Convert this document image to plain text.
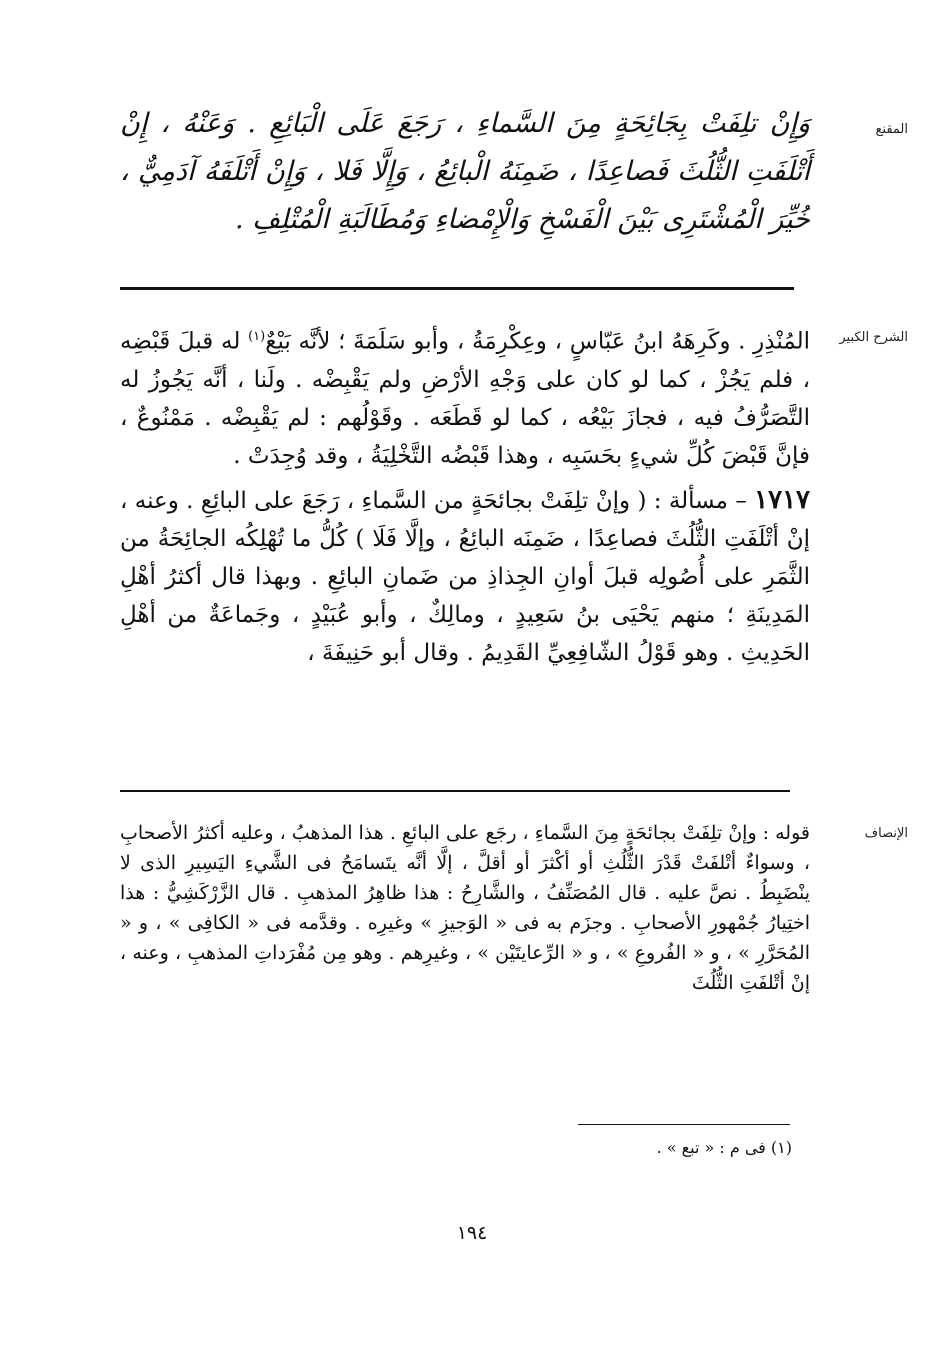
المقنع

وَإِنْ تلِفَتْ بِجَائِحَةٍ مِنَ السَّماءِ ، رَجَعَ عَلَى الْبَائِعِ . وَعَنْهُ ، إِنْ أَتْلَفَتِ الثُّلُثَ فَصاعِدًا ، ضَمِنَهُ الْبائِعُ ، وَإِلَّا فَلا ، وَإِنْ أَتْلَفَهُ آدَمِيٌّ ، خُيِّرَ الْمُشْتَرِى بَيْنَ الْفَسْخِ وَالْإِمْضاءِ وَمُطَالَبَةِ الْمُتْلِفِ .

الشرح الكبير

المُنْذِرِ . وكَرِهَهُ ابنُ عَبّاسٍ ، وعِكْرِمَةُ ، وأبو سَلَمَةَ ؛ لأنَّه بَيْعٌ$^{(١)}$ له قبلَ قَبْضِه ، فلم يَجُزْ ، كما لو كان على وَجْهِ الأرْضِ ولم يَقْبِضْه . ولَنا ، أنَّه يَجُوزُ له التَّصَرُّفُ فيه ، فجازَ بَيْعُه ، كما لو قَطَعَه . وقَوْلُهم : لم يَقْبِضْه . مَمْنُوعٌ ، فإنَّ قَبْضَ كُلِّ شيءٍ بحَسَبِه ، وهذا قَبْضُه التَّخْلِيَةُ ، وقد وُجِدَتْ .

١٧١٧ – مسألة : ( وإنْ تلِفَتْ بجائحَةٍ من السَّماءِ ، رَجَعَ على البائِعِ . وعنه ، إنْ أتْلَفَتِ الثُّلُثَ فصاعِدًا ، ضَمِنَه البائِعُ ، وإلَّا فَلَا ) كُلُّ ما تُهْلِكُه الجائِحَةُ من الثَّمَرِ على أُصُولِه قبلَ أوانِ الجِذاذِ من ضَمانِ البائِعِ . وبهذا قال أكثرُ أهْلِ المَدِينَةِ ؛ منهم يَحْيَى بنُ سَعِيدٍ ، ومالِكٌ ، وأبو عُبَيْدٍ ، وجَماعَةٌ من أهْلِ الحَدِيثِ . وهو قَوْلُ الشّافِعِيِّ القَدِيمُ . وقال أبو حَنِيفَةَ ،

الإنصاف

قوله : وإنْ تلِفَتْ بجائحَةٍ مِنَ السَّماءِ ، رجَع على البائعِ . هذا المذهبُ ، وعليه أكثرُ الأصحابِ ، وسواءٌ أتْلفَتْ قَدْرَ الثُّلُثِ أو أكْثرَ أو أقلَّ ، إلَّا أنَّه يتَسامَحُ فى الشَّيءِ اليَسِيرِ الذى لا ينْضَبِطُ . نصَّ عليه . قال المُصَنِّفُ ، والشَّارِحُ : هذا ظاهِرُ المذهبِ . قال الزَّرْكَشِيُّ : هذا اختِيارُ جُمْهورِ الأصحابِ . وجزَم به فى « الوَجيزِ » وغيرِه . وقدَّمه فى « الكافِى » ، و « المُحَرَّرِ » ، و « الفُروعِ » ، و « الرِّعايتَيْن » ، وغيرِهم . وهو مِن مُفْرَداتِ المذهبِ ، وعنه ، إنْ أتْلفَتِ الثُّلُثَ

(١) فى م : « تبع » .
١٩٤
